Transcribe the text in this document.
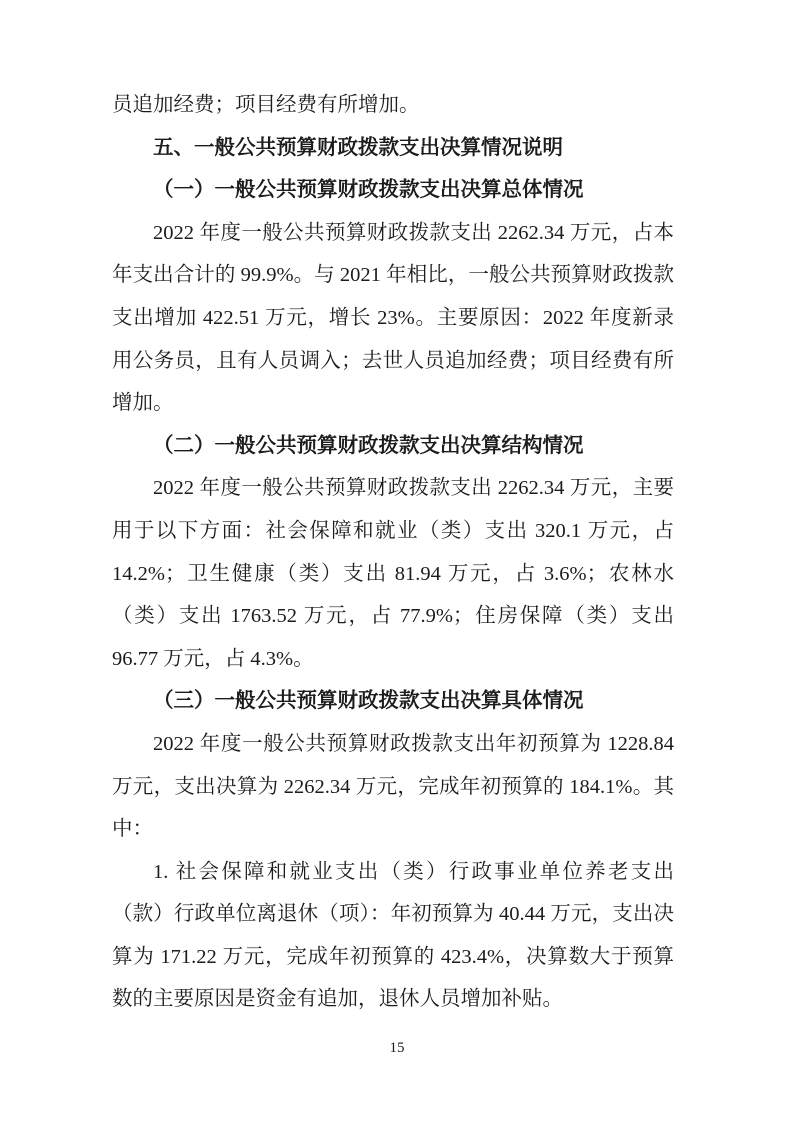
员追加经费；项目经费有所增加。
五、一般公共预算财政拨款支出决算情况说明
（一）一般公共预算财政拨款支出决算总体情况
2022 年度一般公共预算财政拨款支出 2262.34 万元，占本年支出合计的 99.9%。与 2021 年相比，一般公共预算财政拨款支出增加 422.51 万元，增长 23%。主要原因：2022 年度新录用公务员，且有人员调入；去世人员追加经费；项目经费有所增加。
（二）一般公共预算财政拨款支出决算结构情况
2022 年度一般公共预算财政拨款支出 2262.34 万元，主要用于以下方面：社会保障和就业（类）支出 320.1 万元，占 14.2%；卫生健康（类）支出 81.94 万元，占 3.6%；农林水（类）支出 1763.52 万元，占 77.9%；住房保障（类）支出 96.77 万元，占 4.3%。
（三）一般公共预算财政拨款支出决算具体情况
2022 年度一般公共预算财政拨款支出年初预算为 1228.84 万元，支出决算为 2262.34 万元，完成年初预算的 184.1%。其中：
1. 社会保障和就业支出（类）行政事业单位养老支出（款）行政单位离退休（项）：年初预算为 40.44 万元，支出决算为 171.22 万元，完成年初预算的 423.4%，决算数大于预算数的主要原因是资金有追加，退休人员增加补贴。
15
